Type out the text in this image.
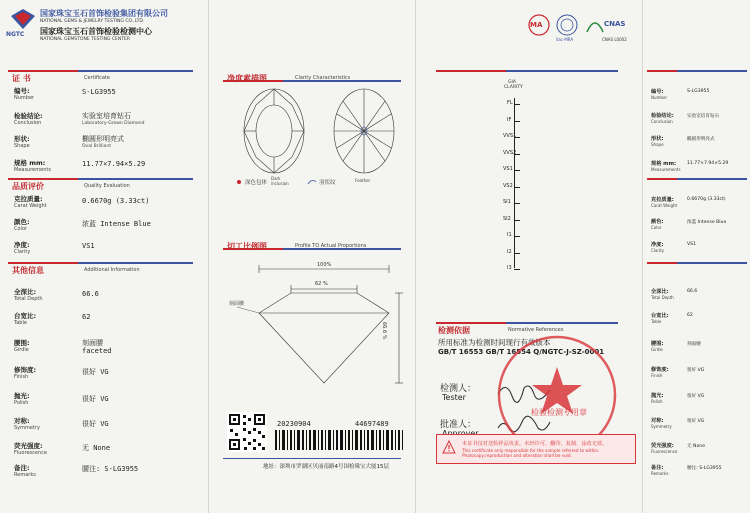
NGTC
国家珠宝玉石首饰检验集团有限公司
NATIONAL GEMS & JEWELRY TESTING CO.,LTD.
国家珠宝玉石首饰检验检测中心
NATIONAL GEMSTONE TESTING CENTER
证 书	Certificate
编号:
Number
S-LG3955
检验结论:
Conclusion
实验室培育钻石
Laboratory-Grown Diamond
形状:
Shape
椭圆形明亮式
Oval Brilliant
规格 mm:
Measurements
11.77×7.94×5.29
品质评价	Quality Evaluation
克拉质量:
Carat Weight
0.6670g (3.33ct)
颜色:
Color
浓蓝 Intense Blue
净度:
Clarity
VS1
其他信息	Additional Information
全深比:
Total Depth
66.6
台宽比:
Table
62
腰围:
Girdle
刻面腰
faceted
修饰度:
Finish
很好 VG
抛光:
Polish	很好 VG
对称:
Symmetry	很好 VG
荧光强度:
Fluorescence
无 None
备注:
Remarks
腰注: S-LG3955
净度素描图	Clarity Characteristics
深色包体
Dark inclusion	羽状纹	Feather
切工比例图	Profile TO Actual Proportions
100%
62 %
66.6 %
刻面腰
20230904	44697489
地址：深圳市罗湖区贝丽南路4号国检珠宝大厦15层
MA
ilac-MRA
CNAS
CNAS L0002
GIA CLARITY
检测依据	Normative References
所用标准为检测时间现行有效版本
GB/T 16553 GB/T 16554 Q/NGTC-J-SZ-0001
检测人：
Tester
批准人：
检验检测专用章
本证书仅对送检样品负责，未经许可，翻印、复制、涂改无效。
This certificate only responsible for the sample referred to within. Photocopy,reproduction and alteration shall be void.
FL
IF
VVS1
VVS2
VS1
VS2
SI1
SI2
I1
I2
I3
编号:
Number
S-LG3955
检验结论:
Conclusion
实验室培育钻石
形状:
Shape
椭圆形明亮式
规格 mm:
Measurements
11.77×7.94×5.29
克拉质量:
Carat Weight
0.6670g (3.33ct)
颜色:
Color
浓蓝 Intense Blue
净度:
Clarity
VS1
全深比:
Total Depth
66.6
台宽比:
Table
62
腰围:
Girdle
刻面腰
修饰度:
Finish
很好 VG
抛光:
Polish
很好 VG
对称:
Symmetry
很好 VG
荧光强度:
Fluorescence
无 None
备注:
Remarks
腰注: S-LG3955
